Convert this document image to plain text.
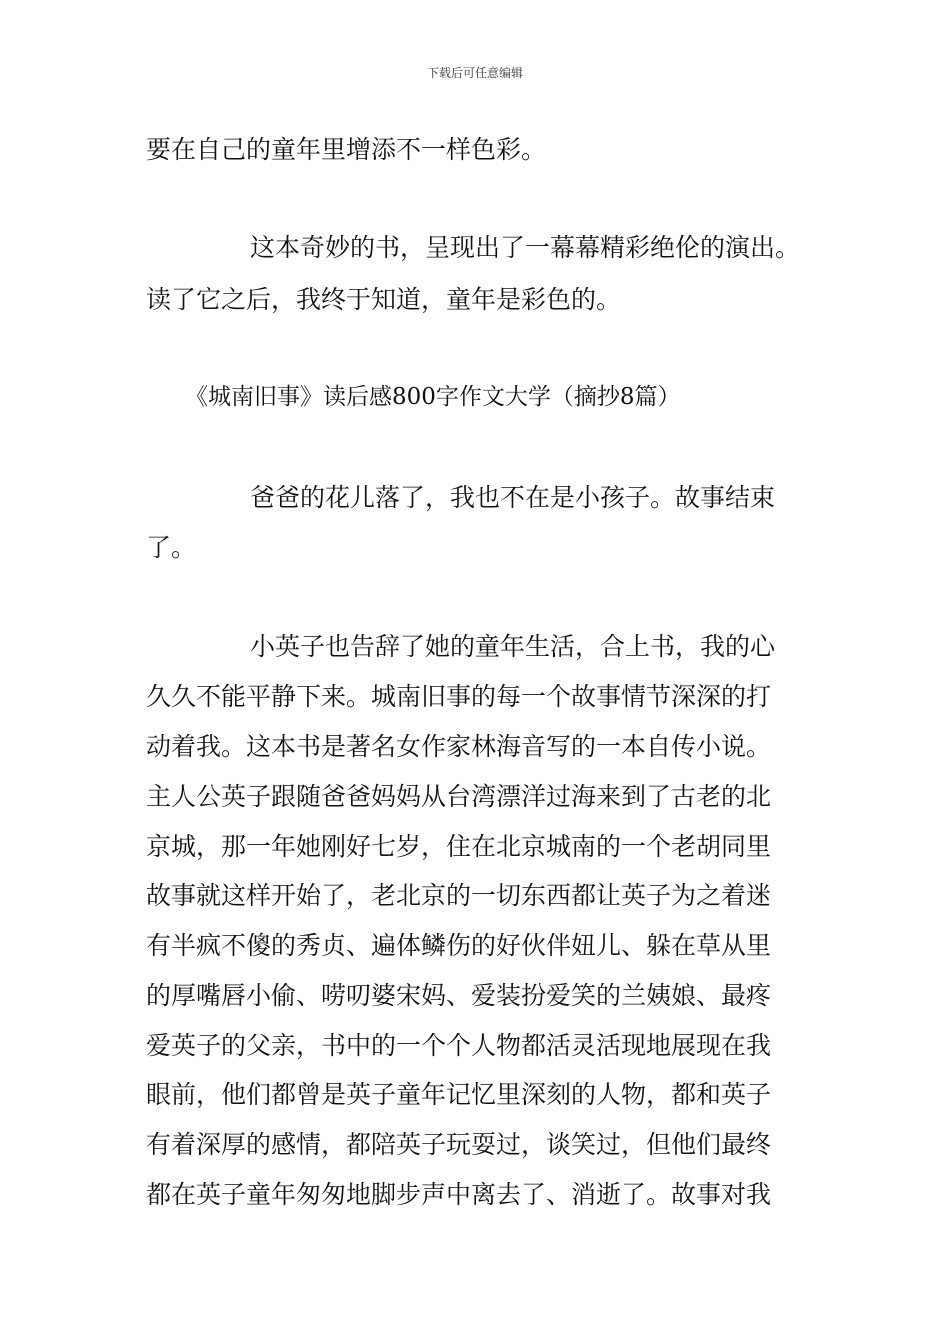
下载后可任意编辑
要在自己的童年里增添不一样色彩。
这本奇妙的书，呈现出了一幕幕精彩绝伦的演出。
读了它之后，我终于知道，童年是彩色的。
《城南旧事》读后感800字作文大学（摘抄8篇）
爸爸的花儿落了，我也不在是小孩子。故事结束
了。
小英子也告辞了她的童年生活，合上书，我的心
久久不能平静下来。城南旧事的每一个故事情节深深的打
动着我。这本书是著名女作家林海音写的一本自传小说。
主人公英子跟随爸爸妈妈从台湾漂洋过海来到了古老的北
京城，那一年她刚好七岁，住在北京城南的一个老胡同里
故事就这样开始了，老北京的一切东西都让英子为之着迷
有半疯不傻的秀贞、遍体鳞伤的好伙伴妞儿、躲在草从里
的厚嘴唇小偷、唠叨婆宋妈、爱装扮爱笑的兰姨娘、最疼
爱英子的父亲，书中的一个个人物都活灵活现地展现在我
眼前，他们都曾是英子童年记忆里深刻的人物，都和英子
有着深厚的感情，都陪英子玩耍过，谈笑过，但他们最终
都在英子童年匆匆地脚步声中离去了、消逝了。故事对我
